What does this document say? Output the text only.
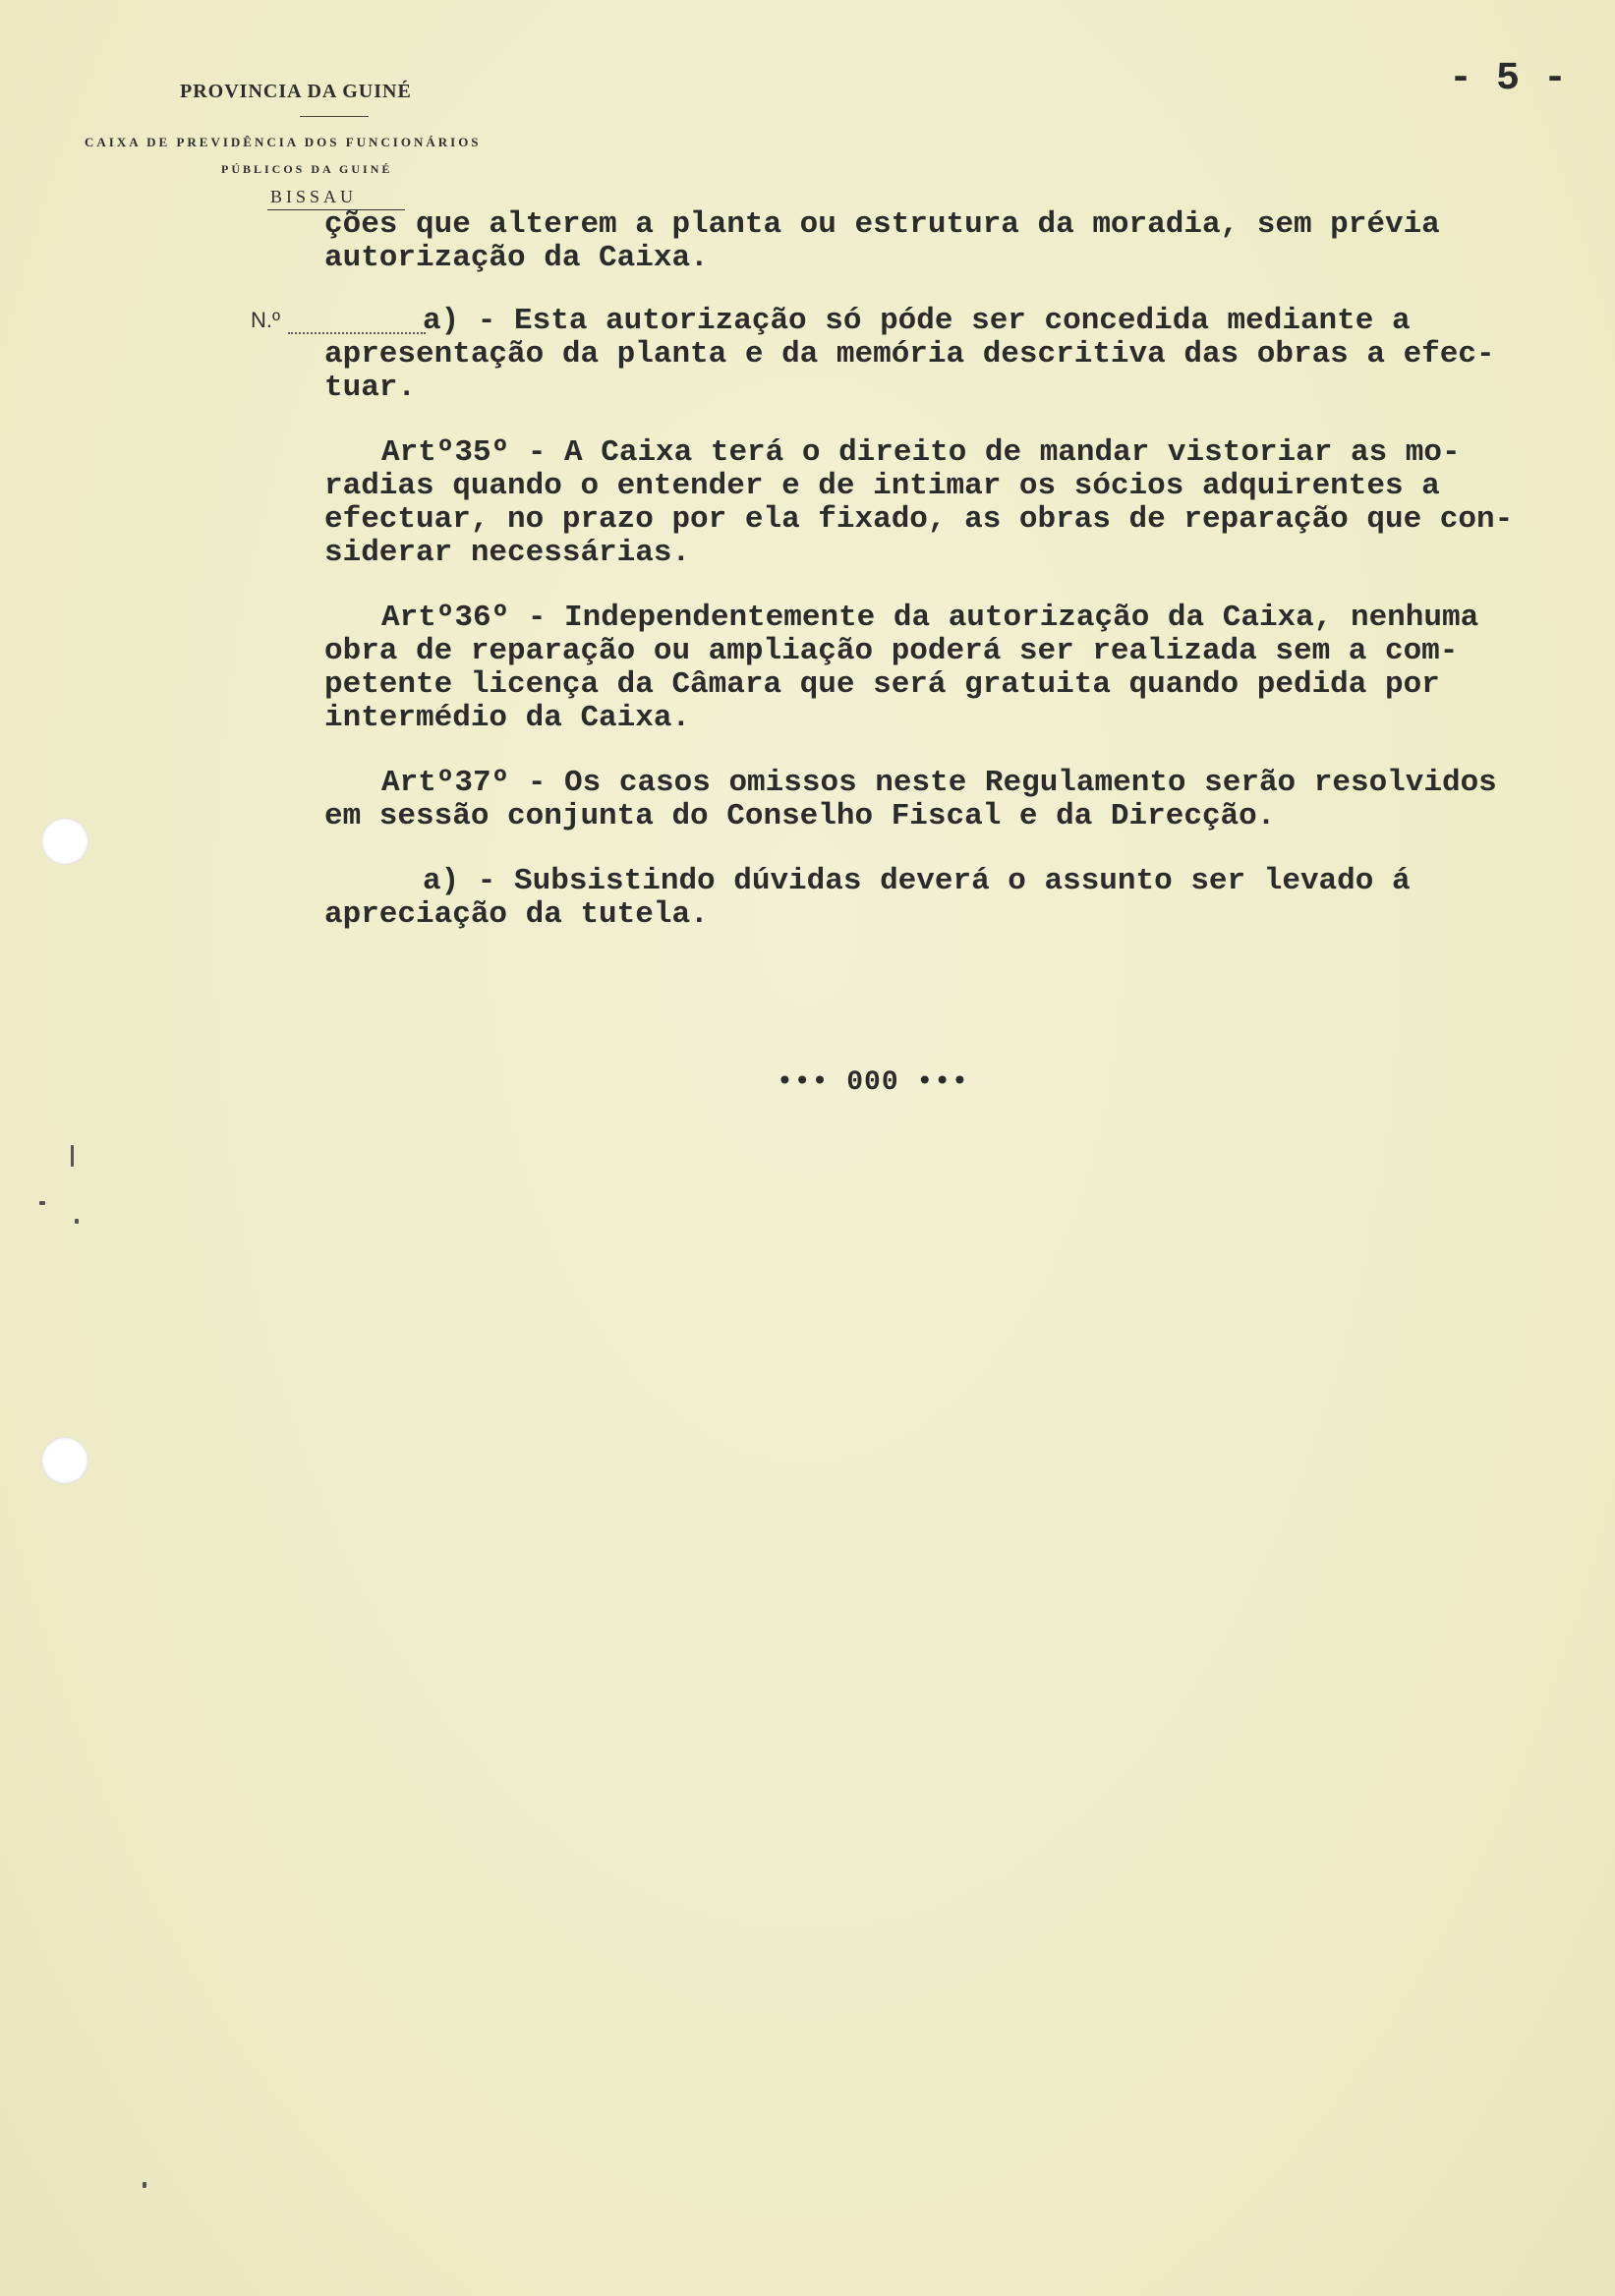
PROVINCIA DA GUINÉ
CAIXA DE PREVIDÊNCIA DOS FUNCIONÁRIOS
PÚBLICOS DA GUINÉ
BISSAU
- 5 -
N.º
ções que alterem a planta ou estrutura da moradia, sem prévia
autorização da Caixa.
a) - Esta autorização só póde ser concedida mediante a
apresentação da planta e da memória descritiva das obras a efec-
tuar.
Artº35º - A Caixa terá o direito de mandar vistoriar as mo-
radias quando o entender e de intimar os sócios adquirentes a
efectuar, no prazo por ela fixado, as obras de reparação que con-
siderar necessárias.
Artº36º - Independentemente da autorização da Caixa, nenhuma
obra de reparação ou ampliação poderá ser realizada sem a com-
petente licença da Câmara que será gratuita quando pedida por
intermédio da Caixa.
Artº37º - Os casos omissos neste Regulamento serão resolvidos
em sessão conjunta do Conselho Fiscal e da Direcção.
a) - Subsistindo dúvidas deverá o assunto ser levado á
apreciação da tutela.
••• 000 •••
